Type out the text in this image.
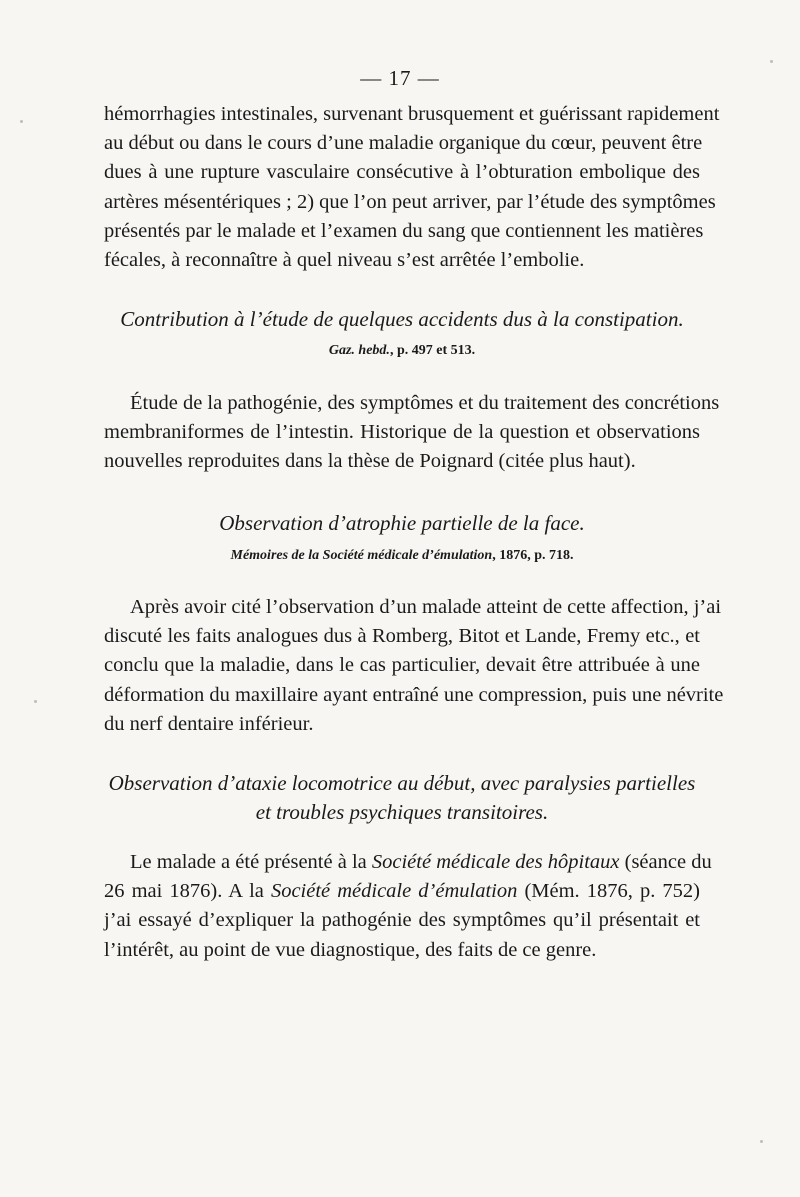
— 17 —
hémorrhagies intestinales, survenant brusquement et guérissant rapidement
au début ou dans le cours d’une maladie organique du cœur, peuvent être
dues à une rupture vasculaire consécutive à l’obturation embolique des
artères mésentériques ; 2) que l’on peut arriver, par l’étude des symptômes
présentés par le malade et l’examen du sang que contiennent les matières
fécales, à reconnaître à quel niveau s’est arrêtée l’embolie.
Contribution à l’étude de quelques accidents dus à la constipation.
Gaz. hebd., p. 497 et 513.
Étude de la pathogénie, des symptômes et du traitement des concrétions
membraniformes de l’intestin. Historique de la question et observations
nouvelles reproduites dans la thèse de Poignard (citée plus haut).
Observation d’atrophie partielle de la face.
Mémoires de la Société médicale d’émulation, 1876, p. 718.
Après avoir cité l’observation d’un malade atteint de cette affection, j’ai
discuté les faits analogues dus à Romberg, Bitot et Lande, Fremy etc., et
conclu que la maladie, dans le cas particulier, devait être attribuée à une
déformation du maxillaire ayant entraîné une compression, puis une névrite
du nerf dentaire inférieur.
Observation d’ataxie locomotrice au début, avec paralysies partielles
et troubles psychiques transitoires.
Le malade a été présenté à la Société médicale des hôpitaux (séance du
26 mai 1876). A la Société médicale d’émulation (Mém. 1876, p. 752)
j’ai essayé d’expliquer la pathogénie des symptômes qu’il présentait et
l’intérêt, au point de vue diagnostique, des faits de ce genre.
